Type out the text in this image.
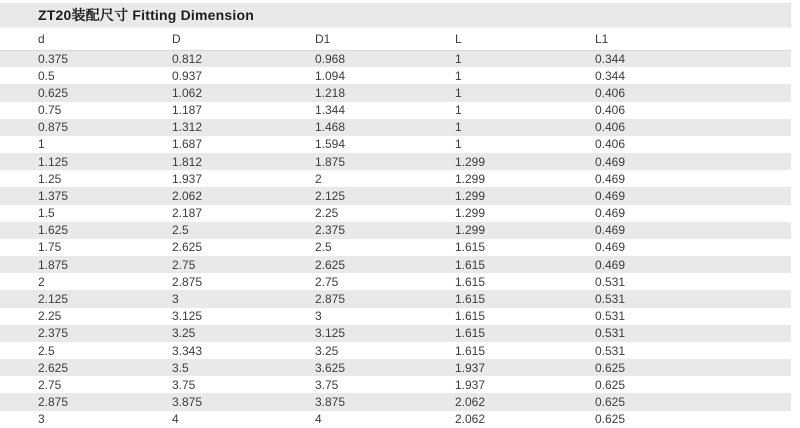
ZT20装配尺寸 Fitting Dimension
d	D	D1	L	L1
0.375	0.812	0.968	1	0.344
0.5	0.937	1.094	1	0.344
0.625	1.062	1.218	1	0.406
0.75	1.187	1.344	1	0.406
0.875	1.312	1.468	1	0.406
1	1.687	1.594	1	0.406
1.125	1.812	1.875	1.299	0.469
1.25	1.937	2	1.299	0.469
1.375	2.062	2.125	1.299	0.469
1.5	2.187	2.25	1.299	0.469
1.625	2.5	2.375	1.299	0.469
1.75	2.625	2.5	1.615	0.469
1.875	2.75	2.625	1.615	0.469
2	2.875	2.75	1.615	0.531
2.125	3	2.875	1.615	0.531
2.25	3.125	3	1.615	0.531
2.375	3.25	3.125	1.615	0.531
2.5	3.343	3.25	1.615	0.531
2.625	3.5	3.625	1.937	0.625
2.75	3.75	3.75	1.937	0.625
2.875	3.875	3.875	2.062	0.625
3	4	4	2.062	0.625
